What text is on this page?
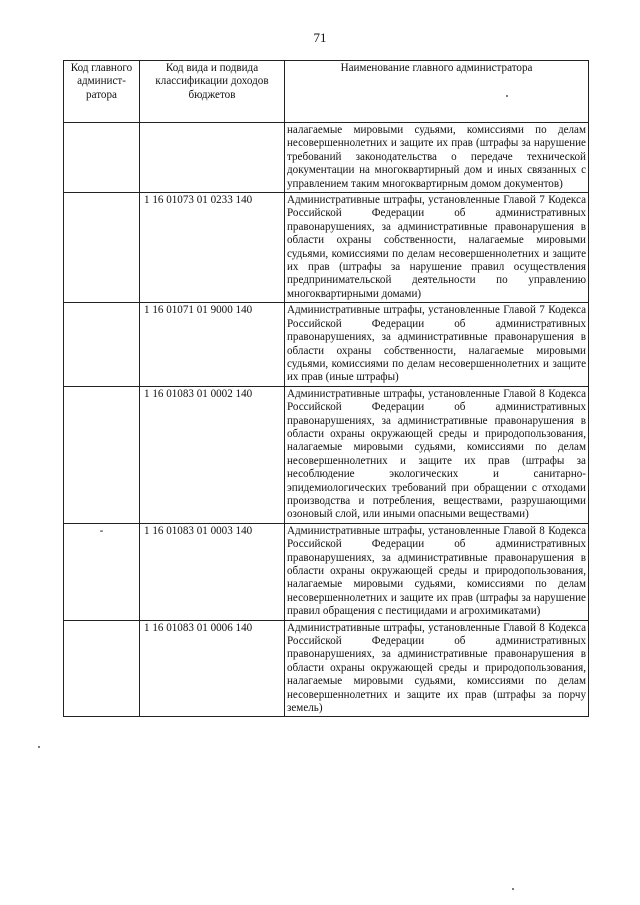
71
Код главного админист-ратора	Код вида и подвида классификации доходов бюджетов	Наименование главного администратора
		налагаемые мировыми судьями, комиссиями по делам несовершеннолетних и защите их прав (штрафы за нарушение требований законодательства о передаче технической документации на многоквартирный дом и иных связанных с управлением таким многоквартирным домом документов)
	1 16 01073 01 0233 140	Административные штрафы, установленные Главой 7 Кодекса Российской Федерации об административных правонарушениях, за административные правонарушения в области охраны собственности, налагаемые мировыми судьями, комиссиями по делам несовершеннолетних и защите их прав (штрафы за нарушение правил осуществления предпринимательской деятельности по управлению многоквартирными домами)
	1 16 01071 01 9000 140	Административные штрафы, установленные Главой 7 Кодекса Российской Федерации об административных правонарушениях, за административные правонарушения в области охраны собственности, налагаемые мировыми судьями, комиссиями по делам несовершеннолетних и защите их прав (иные штрафы)
	1 16 01083 01 0002 140	Административные штрафы, установленные Главой 8 Кодекса Российской Федерации об административных правонарушениях, за административные правонарушения в области охраны окружающей среды и природопользования, налагаемые мировыми судьями, комиссиями по делам несовершеннолетних и защите их прав (штрафы за несоблюдение экологических и санитарно-эпидемиологических требований при обращении с отходами производства и потребления, веществами, разрушающими озоновый слой, или иными опасными веществами)
-	1 16 01083 01 0003 140	Административные штрафы, установленные Главой 8 Кодекса Российской Федерации об административных правонарушениях, за административные правонарушения в области охраны окружающей среды и природопользования, налагаемые мировыми судьями, комиссиями по делам несовершеннолетних и защите их прав (штрафы за нарушение правил обращения с пестицидами и агрохимикатами)
	1 16 01083 01 0006 140	Административные штрафы, установленные Главой 8 Кодекса Российской Федерации об административных правонарушениях, за административные правонарушения в области охраны окружающей среды и природопользования, налагаемые мировыми судьями, комиссиями по делам несовершеннолетних и защите их прав (штрафы за порчу земель)
